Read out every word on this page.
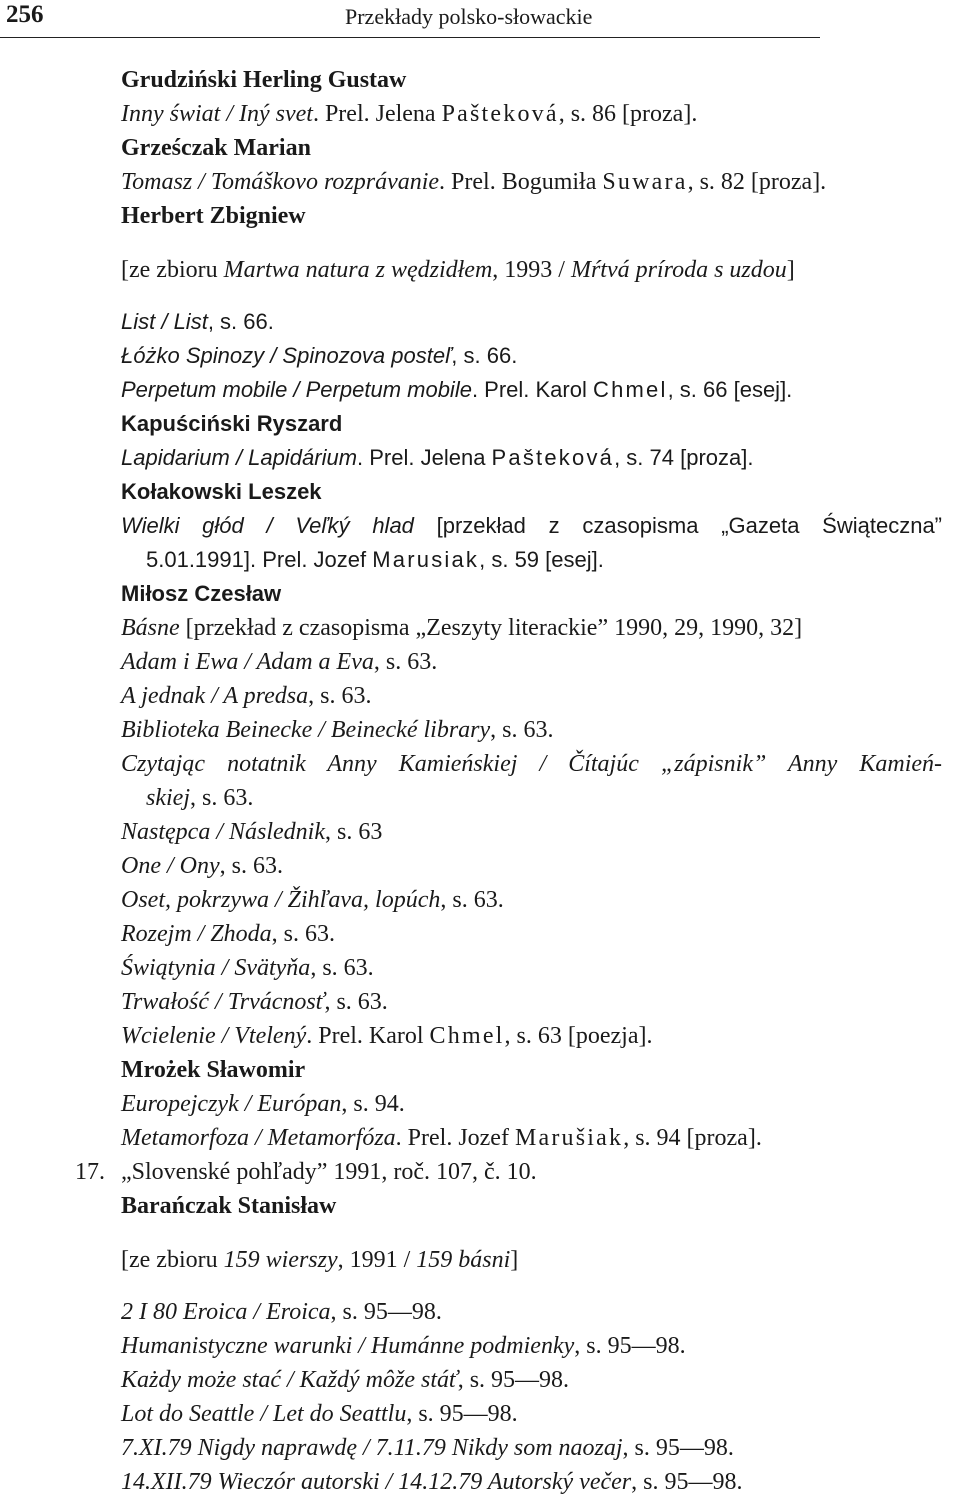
256	Przekłady polsko-słowackie
Grudziński Herling Gustaw
Inny świat / Iný svet. Prel. Jelena Pašteková, s. 86 [proza].
Grześczak Marian
Tomasz / Tomáškovo rozprávanie. Prel. Bogumiła Suwara, s. 82 [proza].
Herbert Zbigniew
[ze zbioru Martwa natura z wędzidłem, 1993 / Mŕtvá príroda s uzdou]
List / List, s. 66.
Łóżko Spinozy / Spinozova posteľ, s. 66.
Perpetum mobile / Perpetum mobile. Prel. Karol Chmel, s. 66 [esej].
Kapuściński Ryszard
Lapidarium / Lapidárium. Prel. Jelena Pašteková, s. 74 [proza].
Kołakowski Leszek
Wielki głód / Veľký hlad [przekład z czasopisma „Gazeta Świąteczna”
5.01.1991]. Prel. Jozef Marusiak, s. 59 [esej].
Miłosz Czesław
Básne [przekład z czasopisma „Zeszyty literackie” 1990, 29, 1990, 32]
Adam i Ewa / Adam a Eva, s. 63.
A jednak / A predsa, s. 63.
Biblioteka Beinecke / Beinecké library, s. 63.
Czytając notatnik Anny Kamieńskiej / Čítajúc „zápisnik” Anny Kamień-
skiej, s. 63.
Następca / Následnik, s. 63
One / Ony, s. 63.
Oset, pokrzywa / Žihľava, lopúch, s. 63.
Rozejm / Zhoda, s. 63.
Świątynia / Svätyňa, s. 63.
Trwałość / Trvácnosť, s. 63.
Wcielenie / Vtelený. Prel. Karol Chmel, s. 63 [poezja].
Mrożek Sławomir
Europejczyk / Európan, s. 94.
Metamorfoza / Metamorfóza. Prel. Jozef Marušiak, s. 94 [proza].
17. „Slovenské pohľady” 1991, roč. 107, č. 10.
Barańczak Stanisław
[ze zbioru 159 wierszy, 1991 / 159 básni]
2 I 80 Eroica / Eroica, s. 95—98.
Humanistyczne warunki / Humánne podmienky, s. 95—98.
Każdy może stać / Každý môže stáť, s. 95—98.
Lot do Seattle / Let do Seattlu, s. 95—98.
7.XI.79 Nigdy naprawdę / 7.11.79 Nikdy som naozaj, s. 95—98.
14.XII.79 Wieczór autorski / 14.12.79 Autorský večer, s. 95—98.
